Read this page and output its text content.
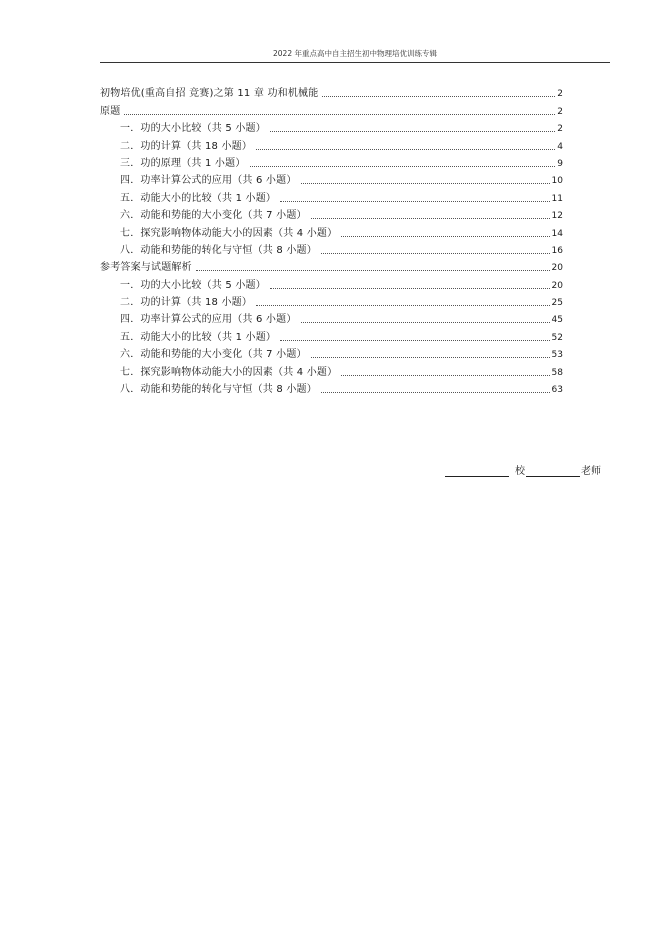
2022 年重点高中自主招生初中物理培优训练专辑
初物培优(重高自招 竞赛)之第 11 章 功和机械能	2
原题	2
一．功的大小比较（共 5 小题）	2
二．功的计算（共 18 小题）	4
三．功的原理（共 1 小题）	9
四．功率计算公式的应用（共 6 小题）	10
五．动能大小的比较（共 1 小题）	11
六．动能和势能的大小变化（共 7 小题）	12
七．探究影响物体动能大小的因素（共 4 小题）	14
八．动能和势能的转化与守恒（共 8 小题）	16
参考答案与试题解析	20
一．功的大小比较（共 5 小题）	20
二．功的计算（共 18 小题）	25
四．功率计算公式的应用（共 6 小题）	45
五．动能大小的比较（共 1 小题）	52
六．动能和势能的大小变化（共 7 小题）	53
七．探究影响物体动能大小的因素（共 4 小题）	58
八．动能和势能的转化与守恒（共 8 小题）	63
校	老师
